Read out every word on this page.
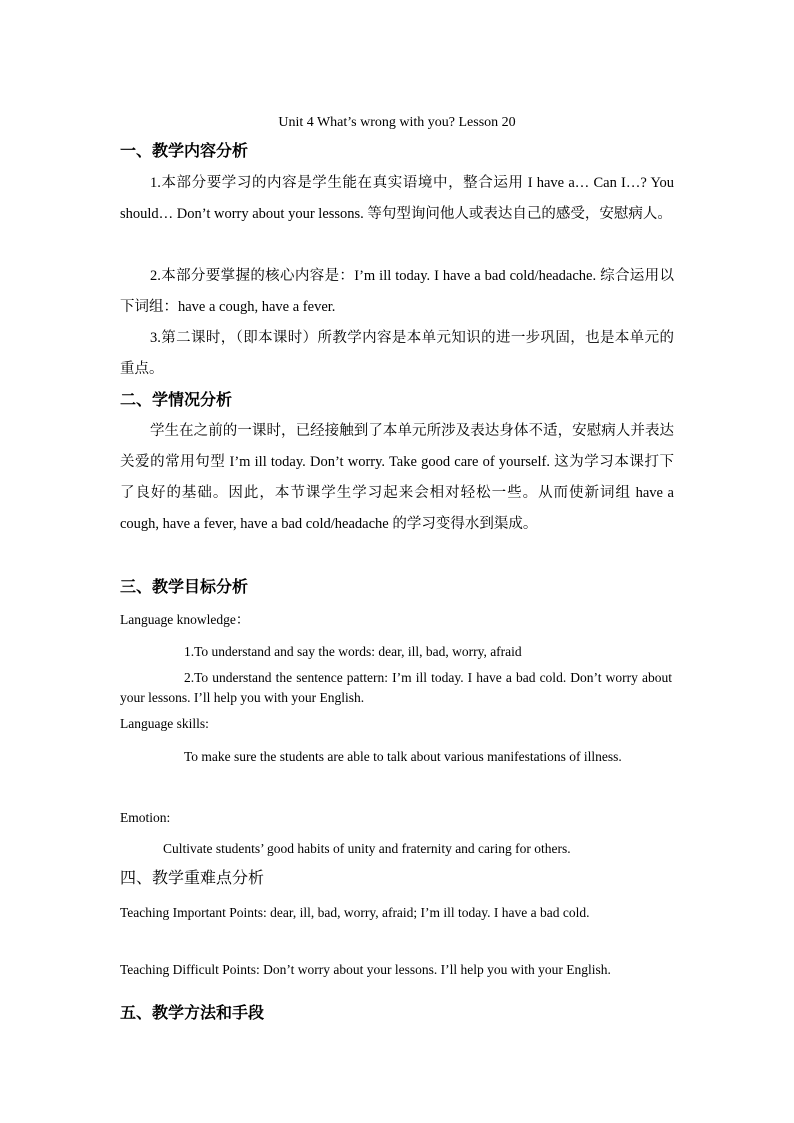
Unit 4 What’s wrong with you? Lesson 20
一、教学内容分析
1.本部分要学习的内容是学生能在真实语境中，整合运用 I have a… Can I…? You should… Don’t worry about your lessons. 等句型询问他人或表达自己的感受，安慰病人。
2.本部分要掌握的核心内容是：I’m ill today. I have a bad cold/headache. 综合运用以下词组：have a cough, have a fever.
3.第二课时，（即本课时）所教学内容是本单元知识的进一步巩固，也是本单元的重点。
二、学情况分析
学生在之前的一课时，已经接触到了本单元所涉及表达身体不适，安慰病人并表达关爱的常用句型 I’m ill today. Don’t worry. Take good care of yourself. 这为学习本课打下了良好的基础。因此，本节课学生学习起来会相对轻松一些。从而使新词组 have a cough, have a fever, have a bad cold/headache 的学习变得水到渠成。
三、教学目标分析
Language knowledge：
1.To understand and say the words: dear, ill, bad, worry, afraid
2.To understand the sentence pattern: I’m ill today. I have a bad cold. Don’t worry about your lessons. I’ll help you with your English.
Language skills:
To make sure the students are able to talk about various manifestations of illness.
Emotion:
Cultivate students’ good habits of unity and fraternity and caring for others.
四、教学重难点分析
Teaching Important Points: dear, ill, bad, worry, afraid; I’m ill today. I have a bad cold.
Teaching Difficult Points: Don’t worry about your lessons. I’ll help you with your English.
五、教学方法和手段
